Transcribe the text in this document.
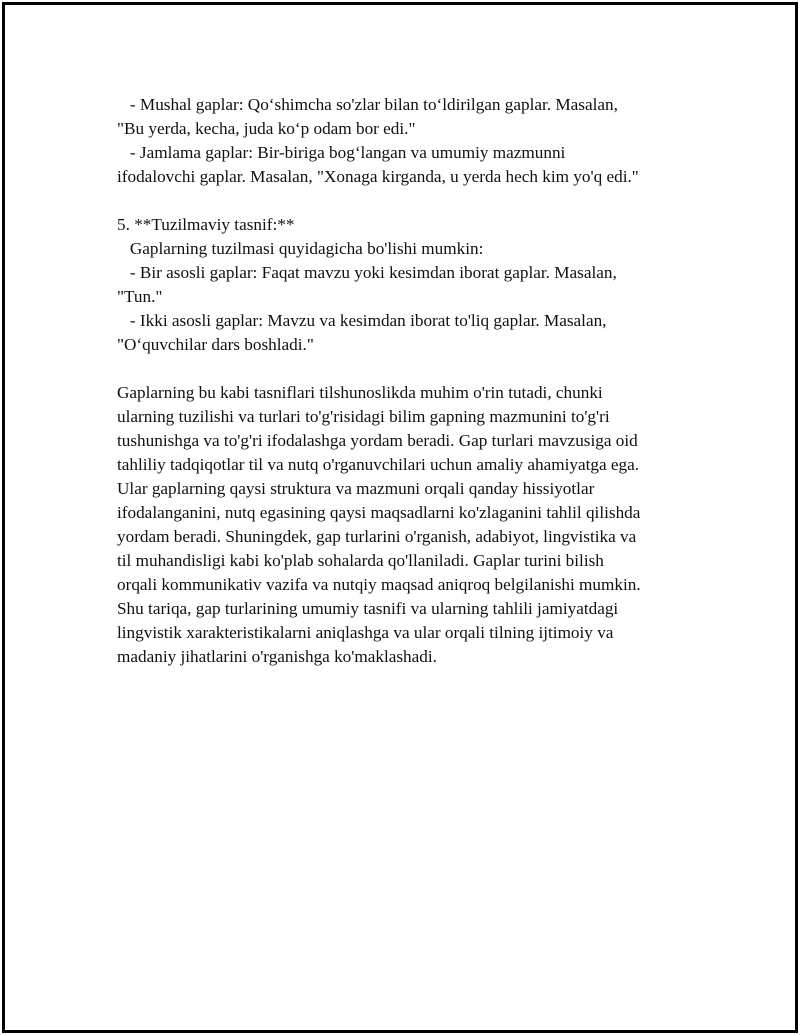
- Mushal gaplar: Qo‘shimcha so'zlar bilan to‘ldirilgan gaplar. Masalan,

"Bu yerda, kecha, juda ko‘p odam bor edi."

- Jamlama gaplar: Bir-biriga bog‘langan va umumiy mazmunni

ifodalovchi gaplar. Masalan, "Xonaga kirganda, u yerda hech kim yo'q edi."

5. **Tuzilmaviy tasnif:**

Gaplarning tuzilmasi quyidagicha bo'lishi mumkin:

- Bir asosli gaplar: Faqat mavzu yoki kesimdan iborat gaplar. Masalan,

"Tun."

- Ikki asosli gaplar: Mavzu va kesimdan iborat to'liq gaplar. Masalan,

"O‘quvchilar dars boshladi."

Gaplarning bu kabi tasniflari tilshunoslikda muhim o'rin tutadi, chunki

ularning tuzilishi va turlari to'g'risidagi bilim gapning mazmunini to'g'ri

tushunishga va to'g'ri ifodalashga yordam beradi. Gap turlari mavzusiga oid

tahliliy tadqiqotlar til va nutq o'rganuvchilari uchun amaliy ahamiyatga ega.

Ular gaplarning qaysi struktura va mazmuni orqali qanday hissiyotlar

ifodalanganini, nutq egasining qaysi maqsadlarni ko'zlaganini tahlil qilishda

yordam beradi. Shuningdek, gap turlarini o'rganish, adabiyot, lingvistika va

til muhandisligi kabi ko'plab sohalarda qo'llaniladi. Gaplar turini bilish

orqali kommunikativ vazifa va nutqiy maqsad aniqroq belgilanishi mumkin.

Shu tariqa, gap turlarining umumiy tasnifi va ularning tahlili jamiyatdagi

lingvistik xarakteristikalarni aniqlashga va ular orqali tilning ijtimoiy va

madaniy jihatlarini o'rganishga ko'maklashadi.
